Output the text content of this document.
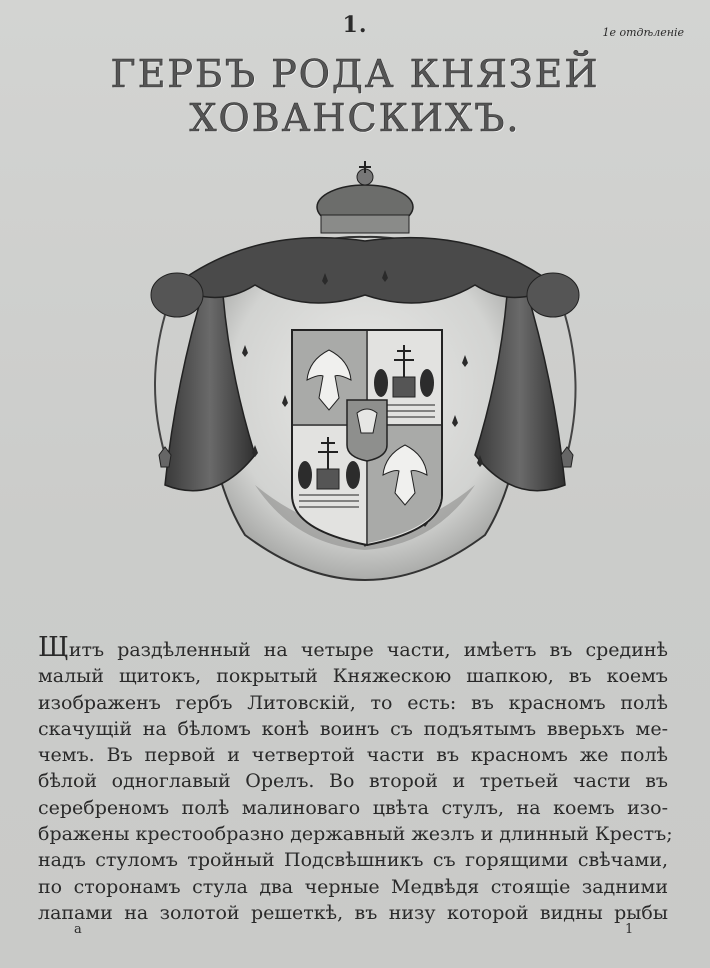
1.	1е отдѣленіе
ГЕРБЪ РОДА КНЯЗЕЙ ХОВАНСКИХЪ.
Щитъ раздѣленный на четыре части, имѣетъ въ срединѣ
малый щитокъ, покрытый Княжескою шапкою, въ коемъ
изображенъ гербъ Литовскій, то есть: въ красномъ полѣ
скачущій на бѣломъ конѣ воинъ съ подъятымъ вверьхъ ме-
чемъ. Въ первой и четвертой части въ красномъ же полѣ
бѣлой одноглавый Орелъ. Во второй и третьей части въ
серебреномъ полѣ малиноваго цвѣта стулъ, на коемъ изо-
бражены крестообразно державный жезлъ и длинный Крестъ;
надъ стуломъ тройный Подсвѣшникъ съ горящими свѣчами,
по сторонамъ стула два черные Медвѣдя стоящіе задними
лапами на золотой решеткѣ, въ низу которой видны рыбы
а	1
